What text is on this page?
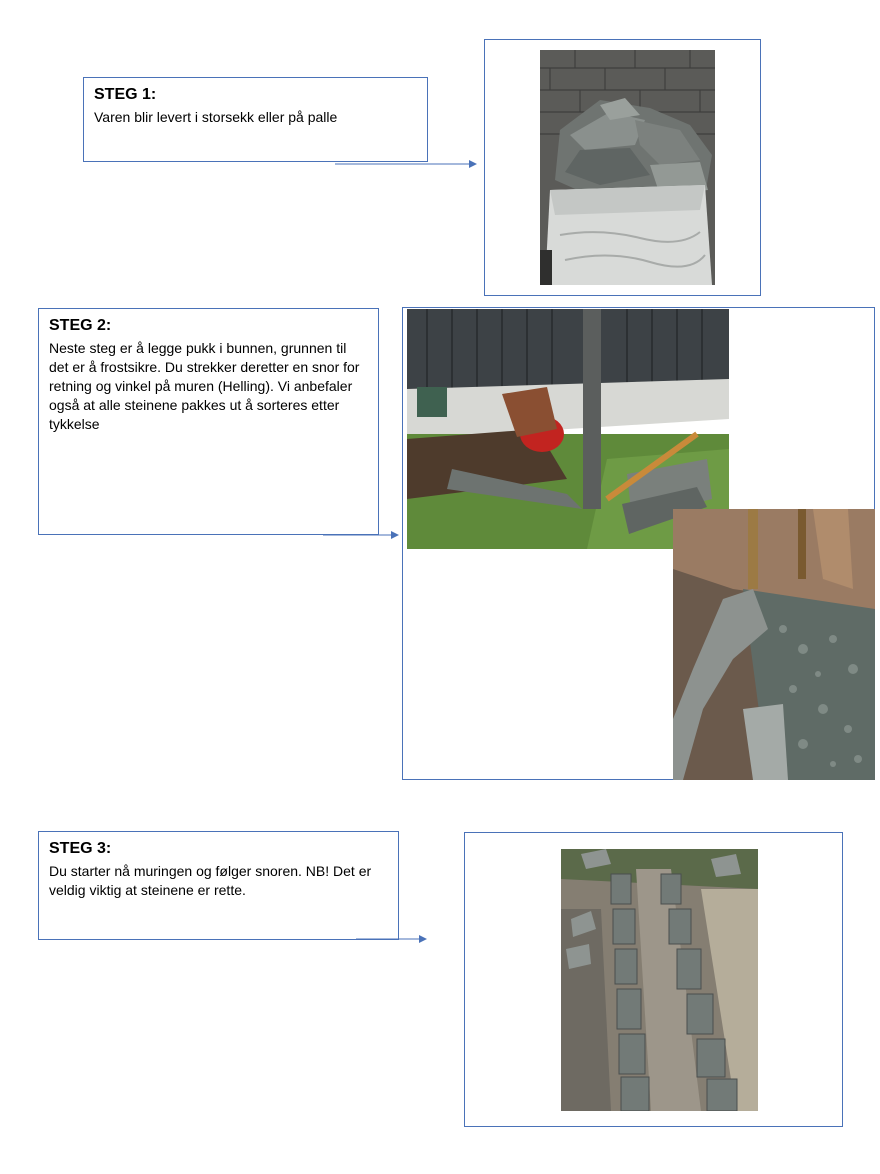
STEG 1:

Varen blir levert i storsekk eller på palle

STEG 2:

Neste steg er å legge pukk i bunnen, grunnen til det er å frostsikre. Du strekker deretter en snor for retning og vinkel på muren (Helling). Vi anbefaler også at alle steinene pakkes ut å sorteres etter tykkelse

STEG 3:

Du starter nå muringen og følger snoren. NB! Det er veldig viktig at steinene er rette.
